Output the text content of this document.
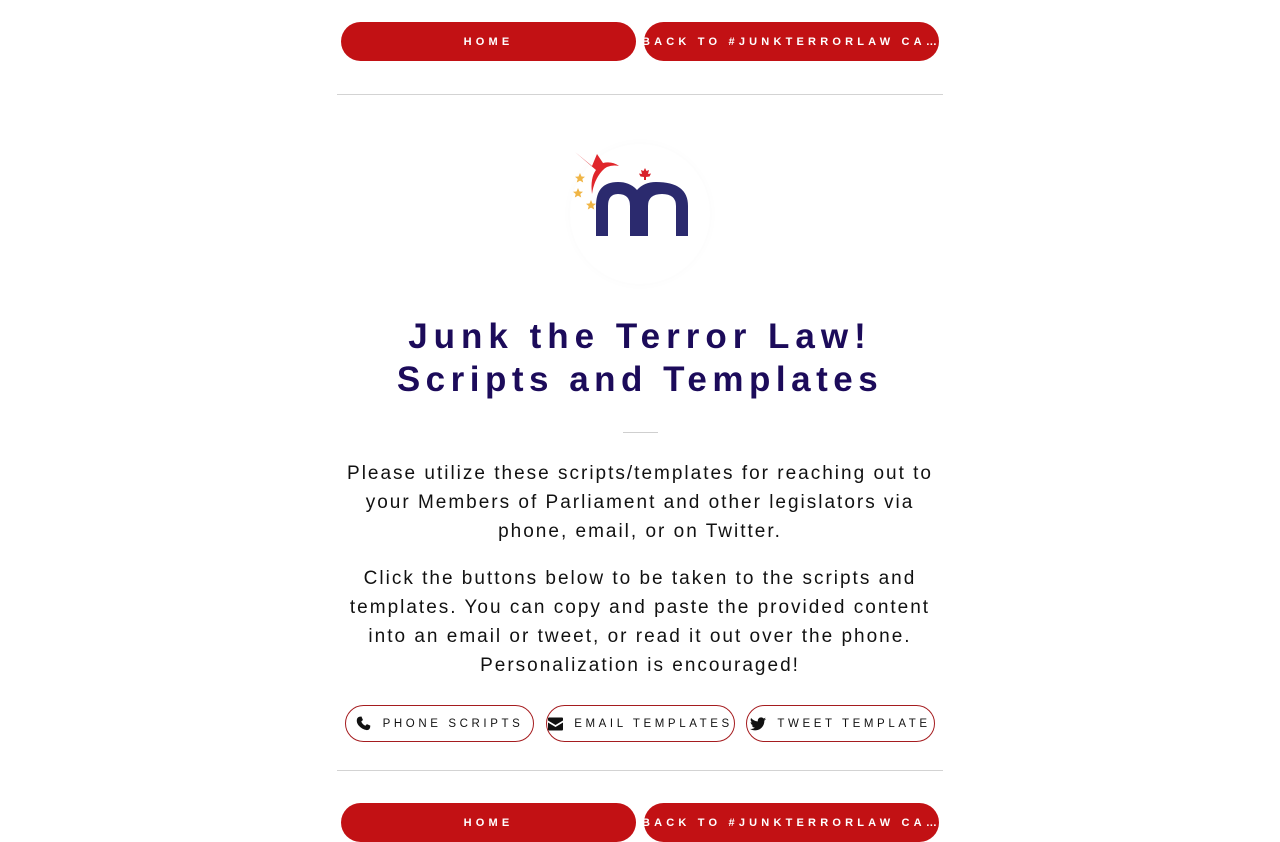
HOME	BACK TO #JUNKTERRORLAW CA…
Junk the Terror Law!
Scripts and Templates

Please utilize these scripts/templates for reaching out to your Members of Parliament and other legislators via phone, email, or on Twitter.

Click the buttons below to be taken to the scripts and templates. You can copy and paste the provided content into an email or tweet, or read it out over the phone. Personalization is encouraged!

PHONE SCRIPTS	EMAIL TEMPLATES	TWEET TEMPLATE
HOME	BACK TO #JUNKTERRORLAW CA…
